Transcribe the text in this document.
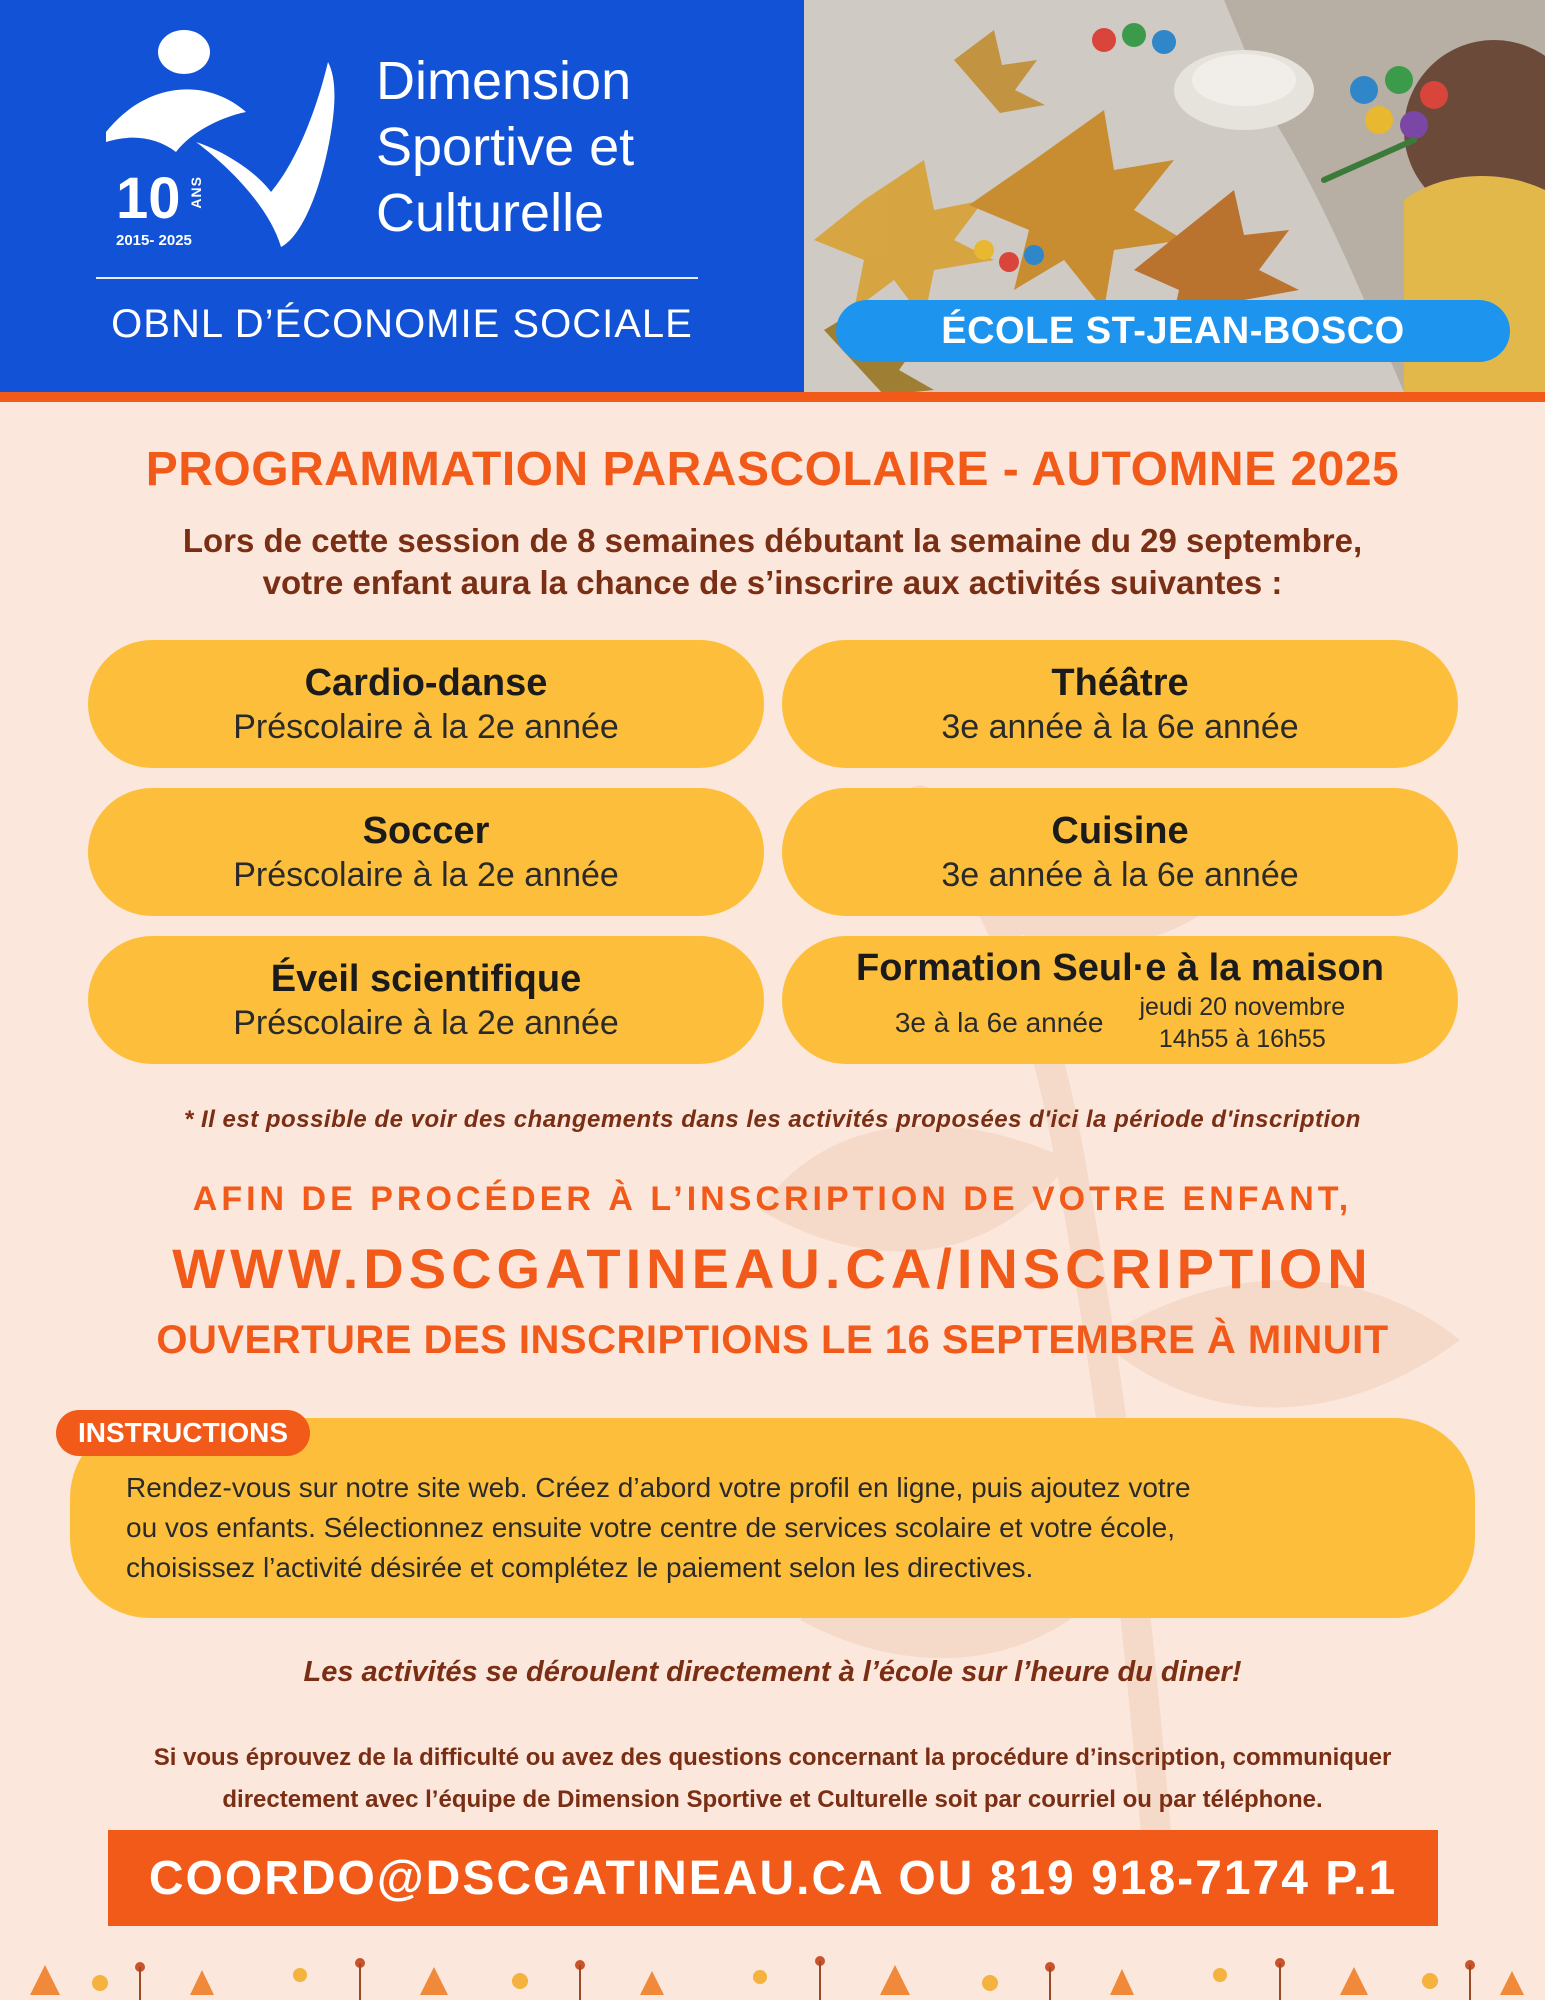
10 ANS
2015- 2025
Dimension
Sportive et
Culturelle
OBNL D’ÉCONOMIE SOCIALE	ÉCOLE ST-JEAN-BOSCO
PROGRAMMATION PARASCOLAIRE - AUTOMNE 2025
Lors de cette session de 8 semaines débutant la semaine du 29 septembre,
votre enfant aura la chance de s’inscrire aux activités suivantes :
Cardio-danse
Préscolaire à la 2e année
Théâtre
3e année à la 6e année
Soccer
Préscolaire à la 2e année
Cuisine
3e année à la 6e année
Éveil scientifique
Préscolaire à la 2e année
Formation Seul·e à la maison
3e à la 6e année jeudi 20 novembre
14h55 à 16h55
* Il est possible de voir des changements dans les activités proposées d'ici la période d'inscription
AFIN DE PROCÉDER À L’INSCRIPTION DE VOTRE ENFANT,
WWW.DSCGATINEAU.CA/INSCRIPTION
OUVERTURE DES INSCRIPTIONS LE 16 SEPTEMBRE À MINUIT
Rendez-vous sur notre site web. Créez d’abord votre profil en ligne, puis ajoutez votre
ou vos enfants. Sélectionnez ensuite votre centre de services scolaire et votre école,
choisissez l’activité désirée et complétez le paiement selon les directives.
INSTRUCTIONS
Les activités se déroulent directement à l’école sur l’heure du diner!
Si vous éprouvez de la difficulté ou avez des questions concernant la procédure d’inscription, communiquer
directement avec l’équipe de Dimension Sportive et Culturelle soit par courriel ou par téléphone.
COORDO@DSCGATINEAU.CA OU 819 918-7174 P.1
